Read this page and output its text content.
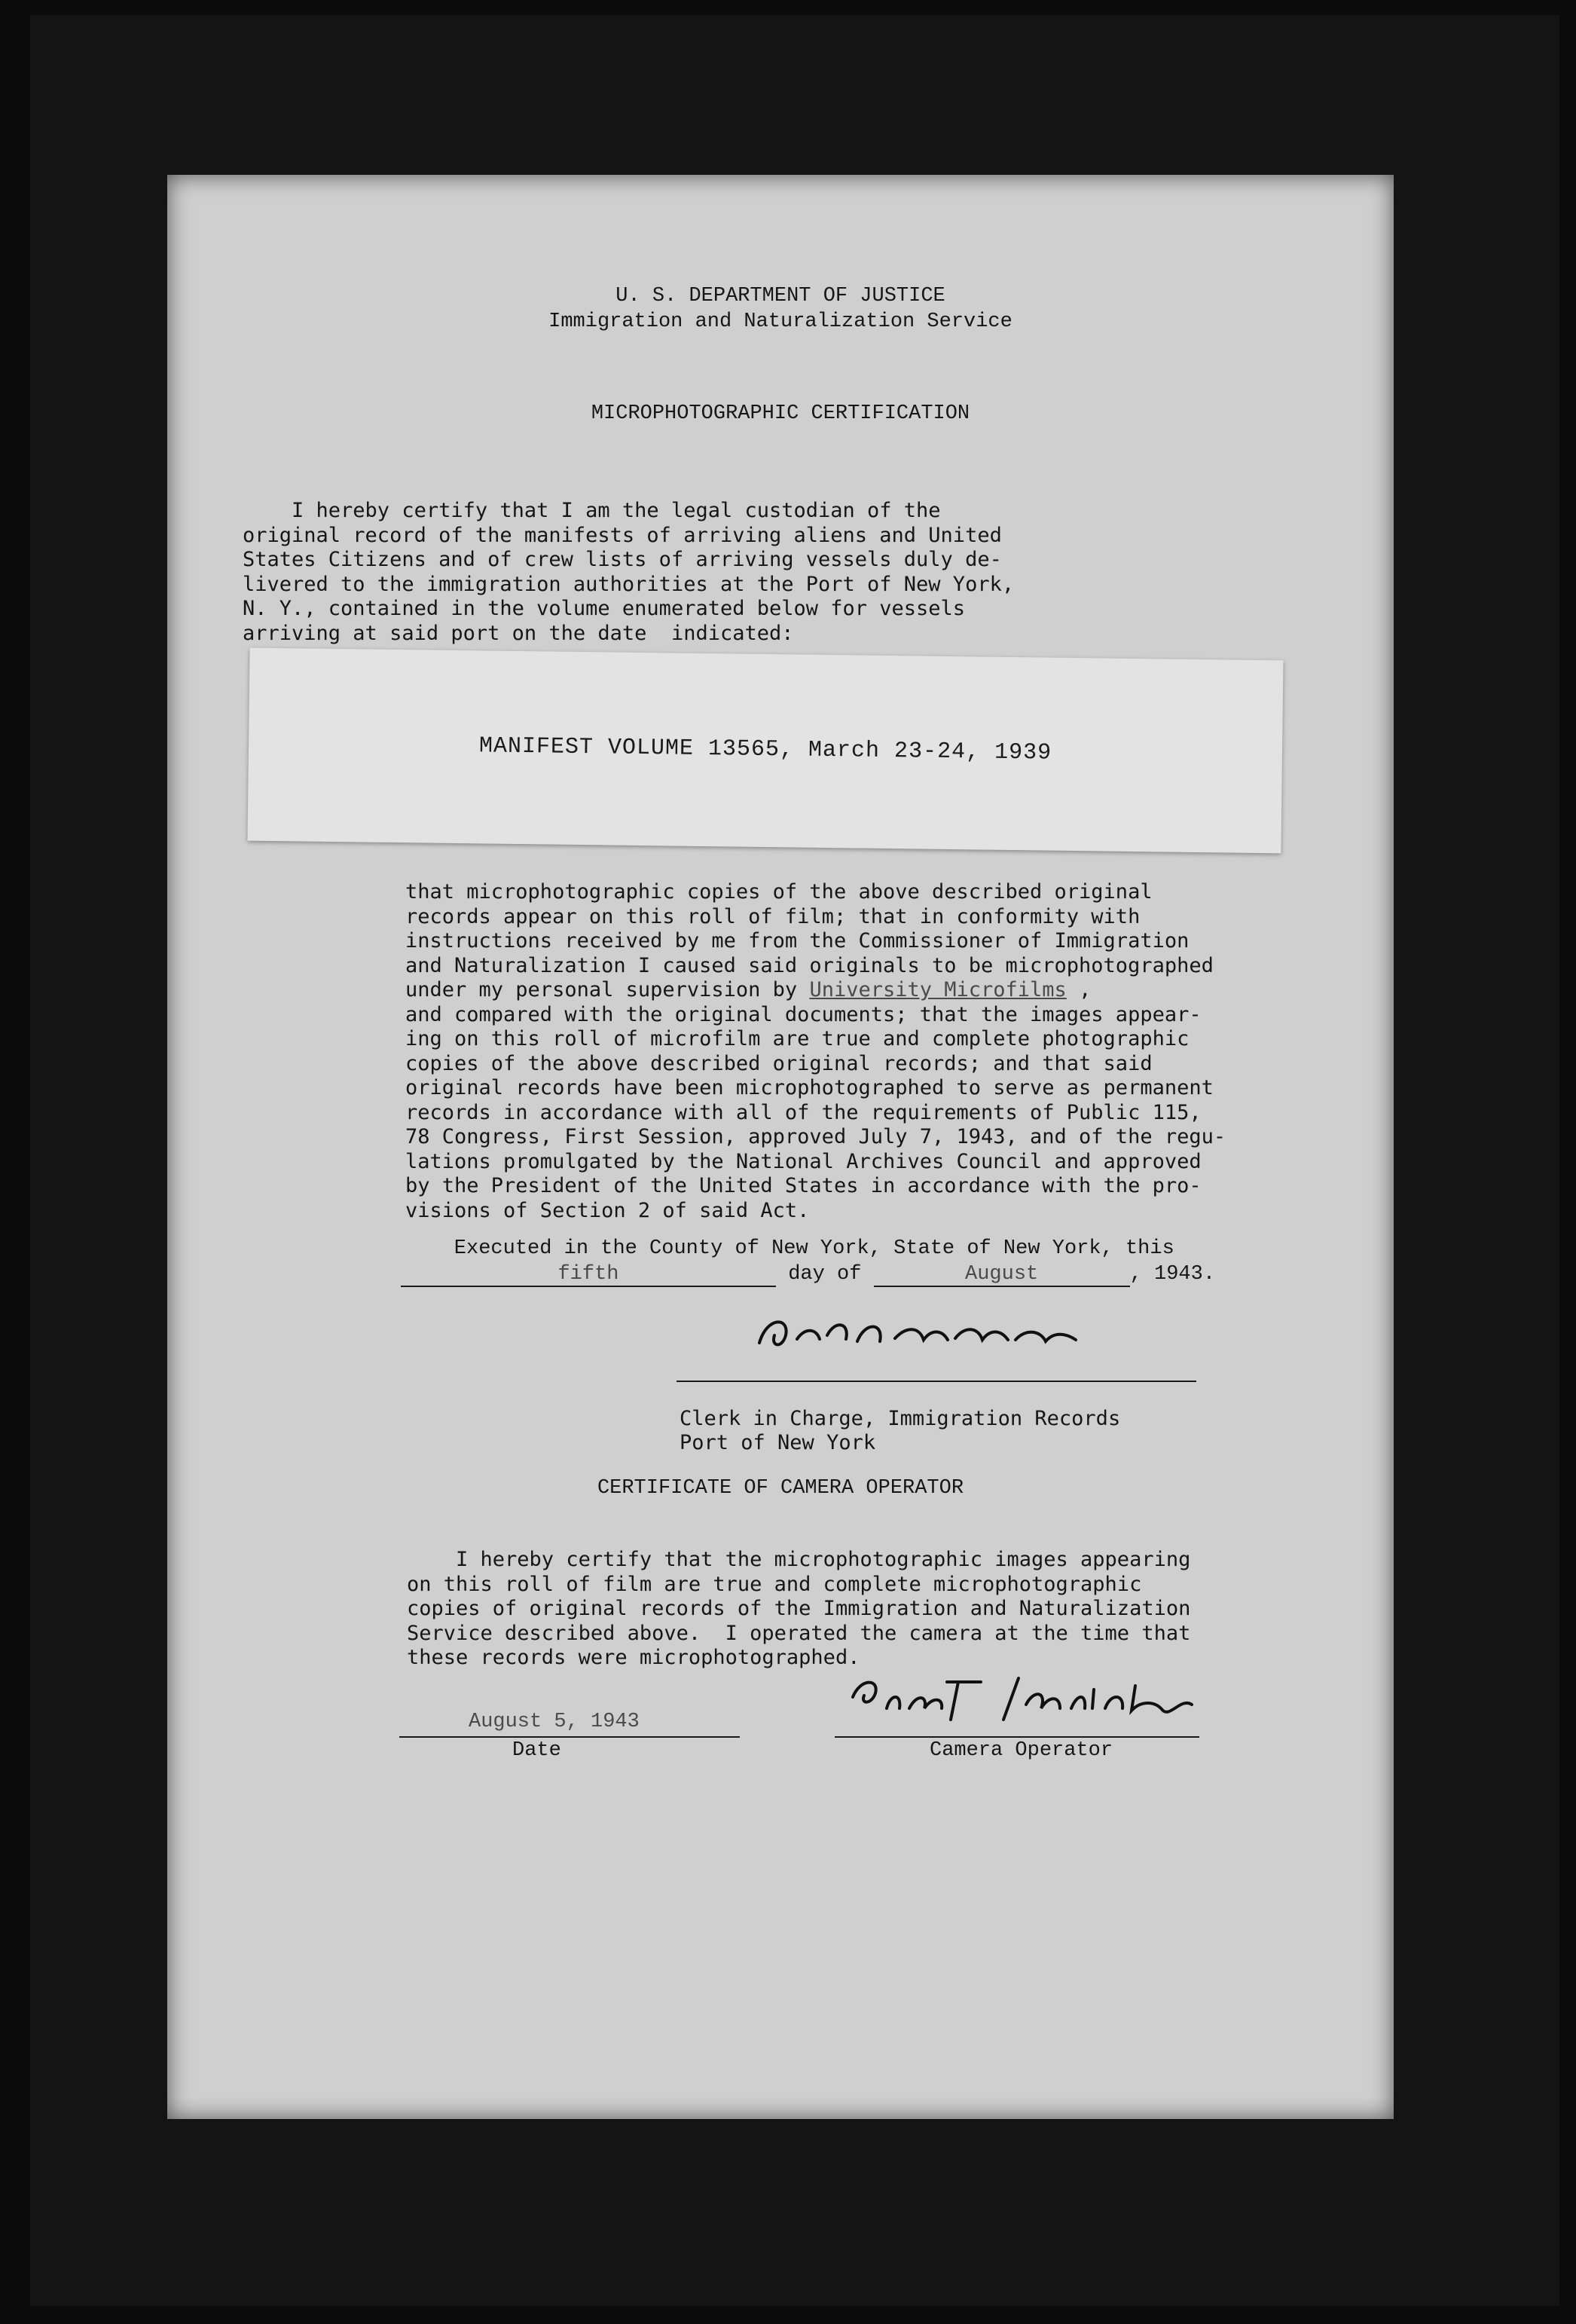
U. S. DEPARTMENT OF JUSTICE
Immigration and Naturalization Service
MICROPHOTOGRAPHIC CERTIFICATION
I hereby certify that I am the legal custodian of the
original record of the manifests of arriving aliens and United
States Citizens and of crew lists of arriving vessels duly de-
livered to the immigration authorities at the Port of New York,
N. Y., contained in the volume enumerated below for vessels
arriving at said port on the date  indicated:
MANIFEST VOLUME 13565, March 23-24, 1939
that microphotographic copies of the above described original
records appear on this roll of film; that in conformity with
instructions received by me from the Commissioner of Immigration
and Naturalization I caused said originals to be microphotographed
under my personal supervision by University Microfilms ,
and compared with the original documents; that the images appear-
ing on this roll of microfilm are true and complete photographic
copies of the above described original records; and that said
original records have been microphotographed to serve as permanent
records in accordance with all of the requirements of Public 115,
78 Congress, First Session, approved July 7, 1943, and of the regu-
lations promulgated by the National Archives Council and approved
by the President of the United States in accordance with the pro-
visions of Section 2 of said Act.
Executed in the County of New York, State of New York, this
fifth	day of	August	, 1943.
Clerk in Charge, Immigration Records
Port of New York
CERTIFICATE OF CAMERA OPERATOR
I hereby certify that the microphotographic images appearing
on this roll of film are true and complete microphotographic
copies of original records of the Immigration and Naturalization
Service described above.  I operated the camera at the time that
these records were microphotographed.
August 5, 1943
Date	Camera Operator
